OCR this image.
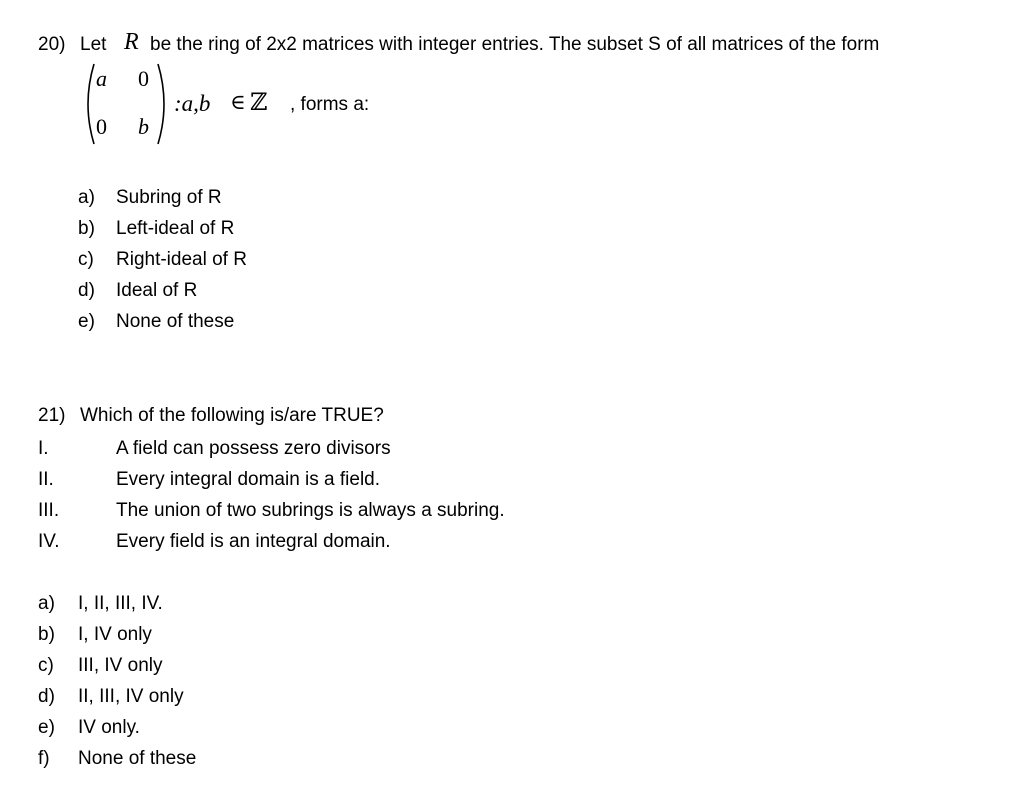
20) Let R be the ring of 2x2 matrices with integer entries. The subset S of all matrices of the form
a 0
0 b
:a,b ∈ ℤ , forms a:
a) Subring of R
b) Left-ideal of R
c) Right-ideal of R
d) Ideal of R
e) None of these
21) Which of the following is/are TRUE?
I.	A field can possess zero divisors
II.	Every integral domain is a field.
III.	The union of two subrings is always a subring.
IV.	Every field is an integral domain.
a) I, II, III, IV.
b) I, IV only
c) III, IV only
d) II, III, IV only
e) IV only.
f) None of these
